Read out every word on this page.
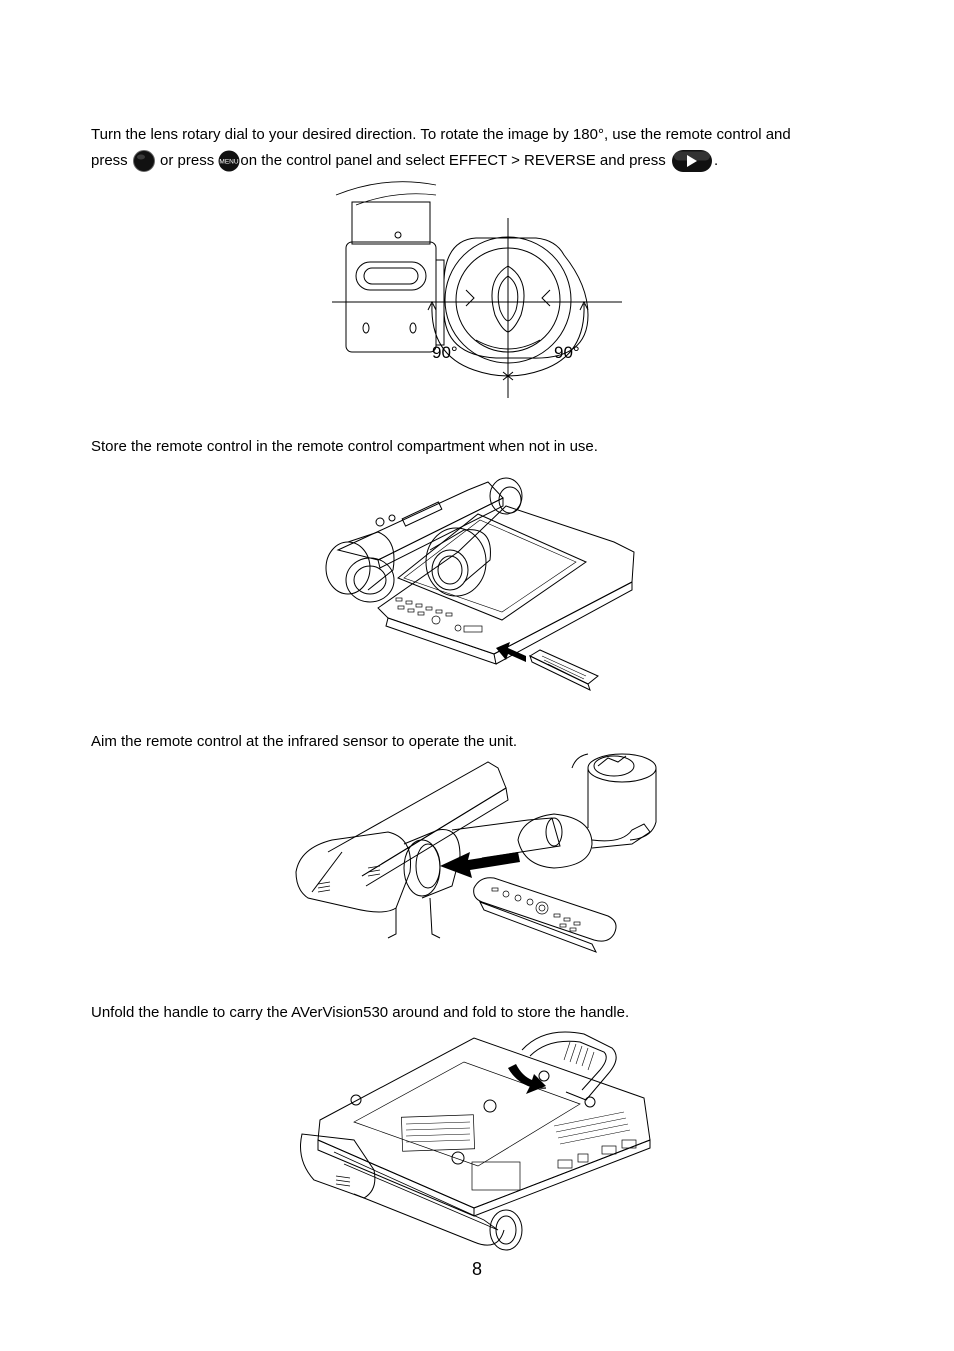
Turn the lens rotary dial to your desired direction. To rotate the image by 180°, use the remote control and
press or press MENU on the control panel and select EFFECT > REVERSE and press	.
90°	90°
Store the remote control in the remote control compartment when not in use.
Aim the remote control at the infrared sensor to operate the unit.
Unfold the handle to carry the AVerVision530 around and fold to store the handle.
8
